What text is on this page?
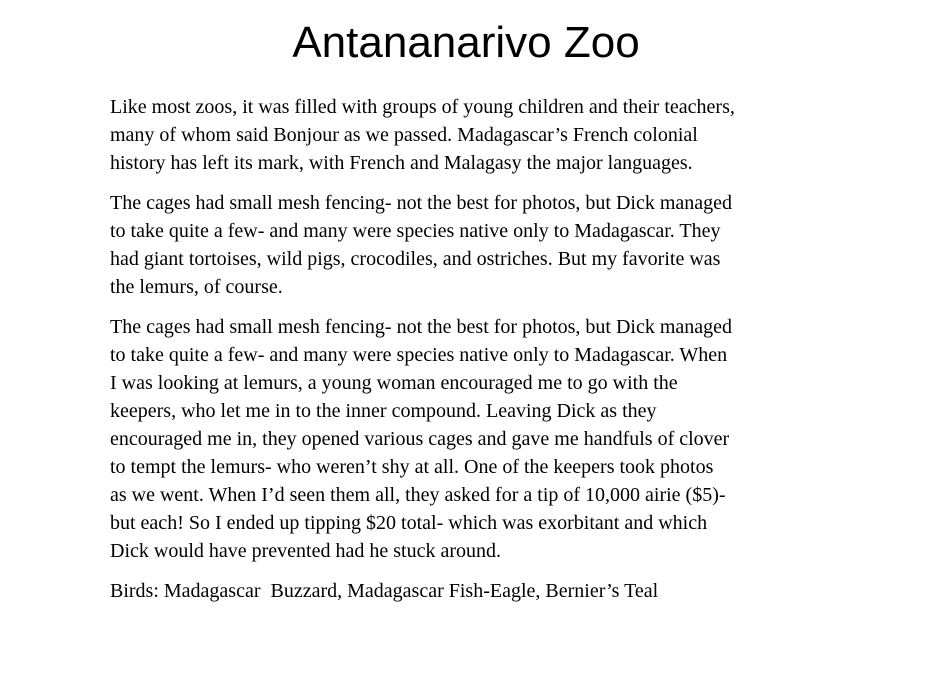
Antananarivo Zoo

Like most zoos, it was filled with groups of young children and their teachers,
many of whom said Bonjour as we passed. Madagascar’s French colonial
history has left its mark, with French and Malagasy the major languages.

The cages had small mesh fencing- not the best for photos, but Dick managed
to take quite a few- and many were species native only to Madagascar. They
had giant tortoises, wild pigs, crocodiles, and ostriches. But my favorite was
the lemurs, of course.

The cages had small mesh fencing- not the best for photos, but Dick managed
to take quite a few- and many were species native only to Madagascar. When
I was looking at lemurs, a young woman encouraged me to go with the
keepers, who let me in to the inner compound. Leaving Dick as they
encouraged me in, they opened various cages and gave me handfuls of clover
to tempt the lemurs- who weren’t shy at all. One of the keepers took photos
as we went. When I’d seen them all, they asked for a tip of 10,000 airie ($5)-
but each! So I ended up tipping $20 total- which was exorbitant and which
Dick would have prevented had he stuck around.

Birds: Madagascar  Buzzard, Madagascar Fish-Eagle, Bernier’s Teal
